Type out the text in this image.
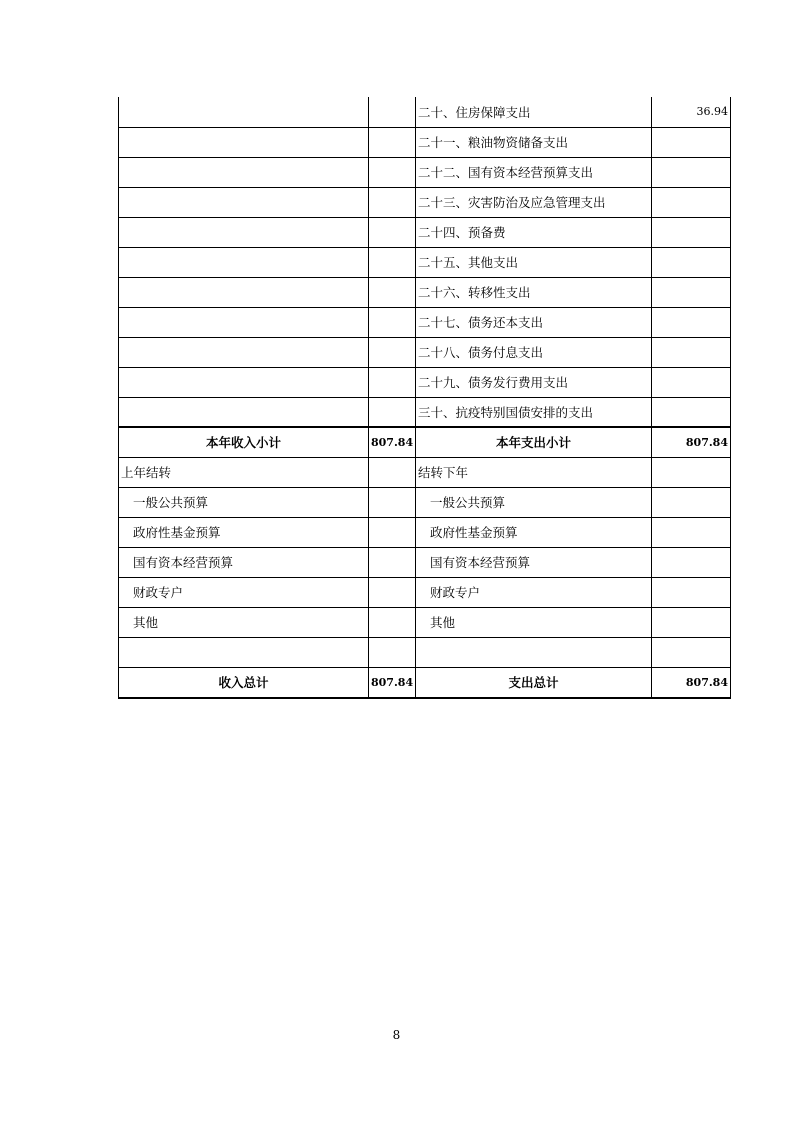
		二十、住房保障支出	36.94
		二十一、粮油物资储备支出	
		二十二、国有资本经营预算支出	
		二十三、灾害防治及应急管理支出	
		二十四、预备费	
		二十五、其他支出	
		二十六、转移性支出	
		二十七、债务还本支出	
		二十八、债务付息支出	
		二十九、债务发行费用支出	
		三十、抗疫特别国债安排的支出	
本年收入小计	807.84	本年支出小计	807.84
上年结转		结转下年	
一般公共预算		一般公共预算	
政府性基金预算		政府性基金预算	
国有资本经营预算		国有资本经营预算	
财政专户		财政专户	
其他		其他	

收入总计	807.84	支出总计	807.84
8
